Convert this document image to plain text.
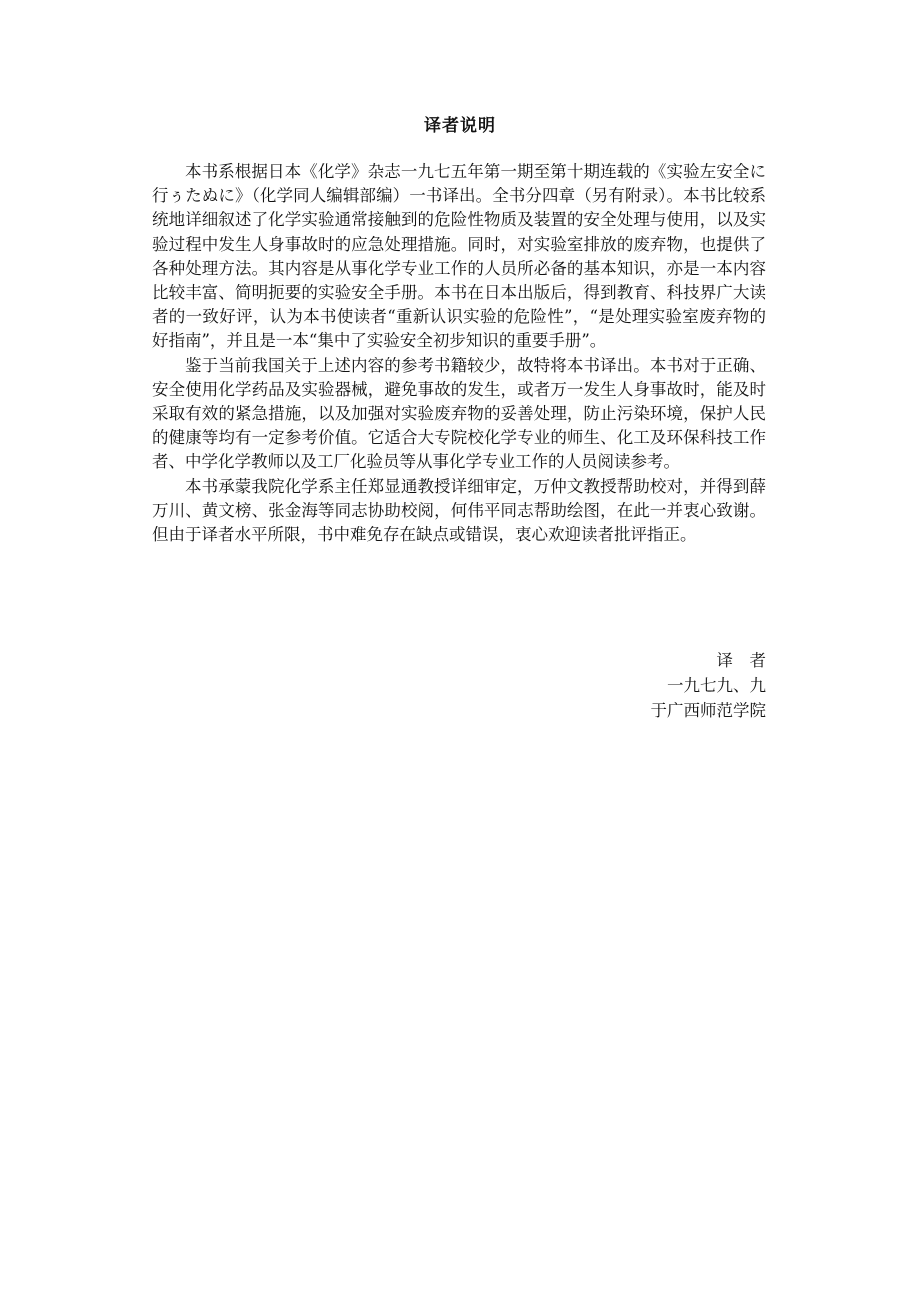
译者说明

本书系根据日本《化学》杂志一九七五年第一期至第十期连载的《实验左安全に行ぅたぬに》（化学同人编辑部编）一书译出。全书分四章（另有附录）。本书比较系统地详细叙述了化学实验通常接触到的危险性物质及装置的安全处理与使用，以及实验过程中发生人身事故时的应急处理措施。同时，对实验室排放的废弃物，也提供了各种处理方法。其内容是从事化学专业工作的人员所必备的基本知识，亦是一本内容比较丰富、简明扼要的实验安全手册。本书在日本出版后，得到教育、科技界广大读者的一致好评，认为本书使读者“重新认识实验的危险性”，“是处理实验室废弃物的好指南”，并且是一本“集中了实验安全初步知识的重要手册”。

鉴于当前我国关于上述内容的参考书籍较少，故特将本书译出。本书对于正确、安全使用化学药品及实验器械，避免事故的发生，或者万一发生人身事故时，能及时采取有效的紧急措施，以及加强对实验废弃物的妥善处理，防止污染环境，保护人民的健康等均有一定参考价值。它适合大专院校化学专业的师生、化工及环保科技工作者、中学化学教师以及工厂化验员等从事化学专业工作的人员阅读参考。

本书承蒙我院化学系主任郑显通教授详细审定，万仲文教授帮助校对，并得到薛万川、黄文榜、张金海等同志协助校阅，何伟平同志帮助绘图，在此一并衷心致谢。但由于译者水平所限，书中难免存在缺点或错误，衷心欢迎读者批评指正。

译　者
一九七九、九
于广西师范学院
